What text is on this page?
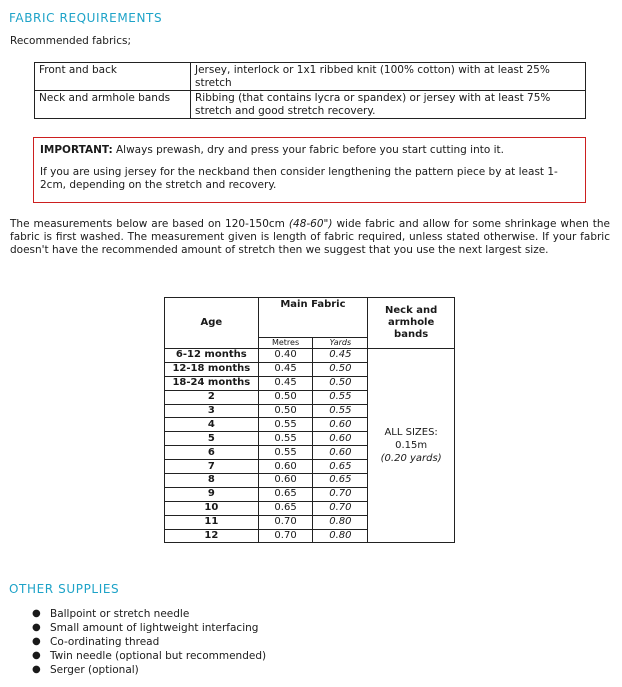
FABRIC REQUIREMENTS
Recommended fabrics;
Front and back	Jersey, interlock or 1x1 ribbed knit (100% cotton) with at least 25% stretch
Neck and armhole bands	Ribbing (that contains lycra or spandex) or jersey with at least 75% stretch and good stretch recovery.

IMPORTANT: Always prewash, dry and press your fabric before you start cutting into it.

If you are using jersey for the neckband then consider lengthening the pattern piece by at least 1-2cm, depending on the stretch and recovery.

The measurements below are based on 120-150cm (48-60") wide fabric and allow for some shrinkage when the fabric is first washed. The measurement given is length of fabric required, unless stated otherwise. If your fabric doesn't have the recommended amount of stretch then we suggest that you use the next largest size.
Age	Main Fabric		Neck and armhole bands
	Metres	Yards	
6-12 months	0.40	0.45	ALL SIZES:
0.15m
(0.20 yards)

12-18 months	0.45	0.50	
18-24 months	0.45	0.50	
2	0.50	0.55	
3	0.50	0.55	
4	0.55	0.60	
5	0.55	0.60	
6	0.55	0.60	
7	0.60	0.65	
8	0.60	0.65	
9	0.65	0.70	
10	0.65	0.70	
11	0.70	0.80	
12	0.70	0.80	
OTHER SUPPLIES
● Ballpoint or stretch needle
● Small amount of lightweight interfacing
● Co-ordinating thread
● Twin needle (optional but recommended)
● Serger (optional)
